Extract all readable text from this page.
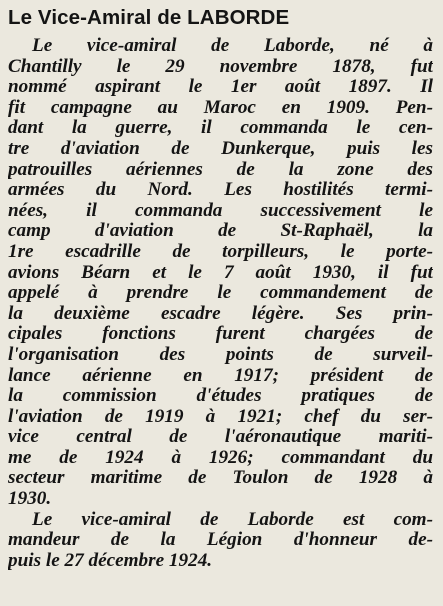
Le Vice-Amiral de LABORDE
Le vice-amiral de Laborde, né à
Chantilly le 29 novembre 1878, fut
nommé aspirant le 1er août 1897. Il
fit campagne au Maroc en 1909. Pen-
dant la guerre, il commanda le cen-
tre d'aviation de Dunkerque, puis les
patrouilles aériennes de la zone des
armées du Nord. Les hostilités termi-
nées, il commanda successivement le
camp d'aviation de St-Raphaël, la
1re escadrille de torpilleurs, le porte-
avions Béarn et le 7 août 1930, il fut
appelé à prendre le commandement de
la deuxième escadre légère. Ses prin-
cipales fonctions furent chargées de
l'organisation des points de surveil-
lance aérienne en 1917; président de
la commission d'études pratiques de
l'aviation de 1919 à 1921; chef du ser-
vice central de l'aéronautique mariti-
me de 1924 à 1926; commandant du
secteur maritime de Toulon de 1928 à
1930.
Le vice-amiral de Laborde est com-
mandeur de la Légion d'honneur de-
puis le 27 décembre 1924.
